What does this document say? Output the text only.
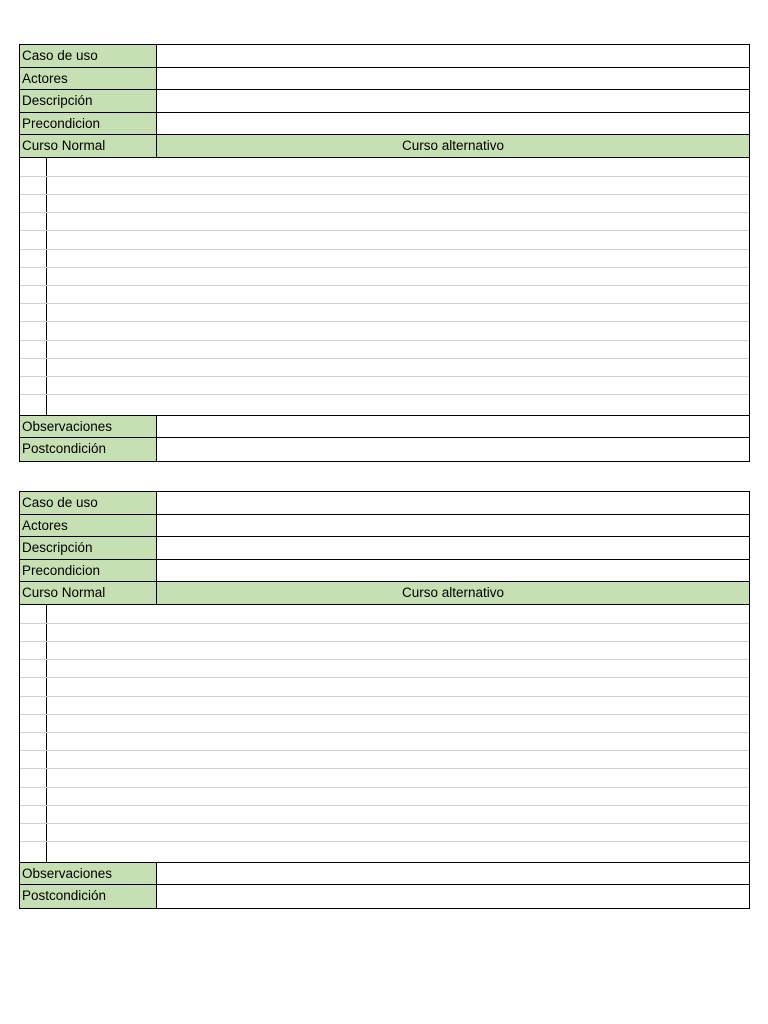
Caso de uso
Actores
Descripción
Precondicion
Curso Normal	Curso alternativo
Observaciones
Postcondición
Caso de uso
Actores
Descripción
Precondicion
Curso Normal	Curso alternativo
Observaciones
Postcondición
